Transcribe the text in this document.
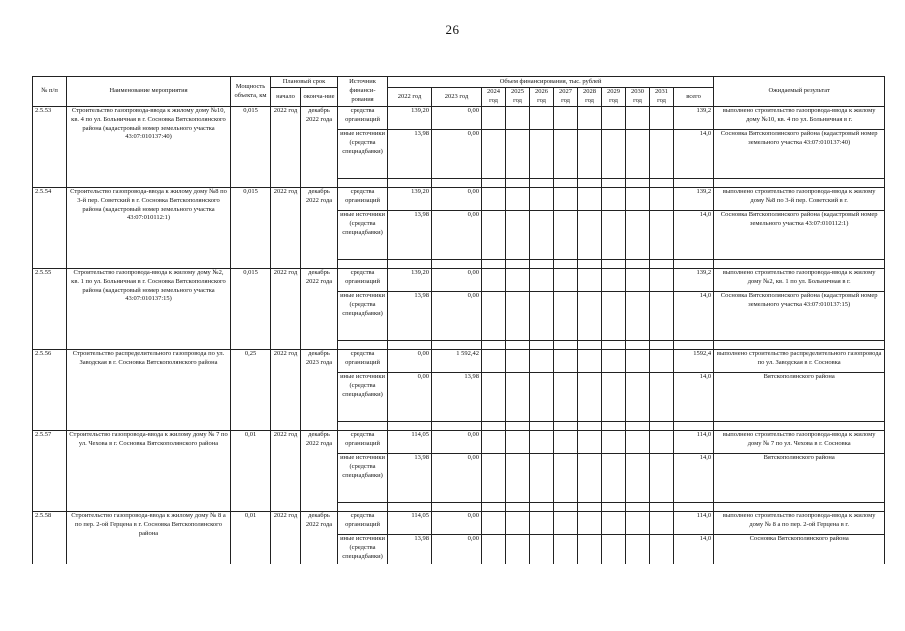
26
№ п/п	Наименование мероприятия	Мощность объекта, км	Плановый срок		Источник финанси-рования	Объем финансирования, тыс. рублей											Ожидаемый результат
			начало	оконча-ние		2022 год	2023 год	2024 год	2025 год	2026 год	2027 год	2028 год	2029 год	2030 год	2031 год	всего	
2.5.53	Строительство газопровода-ввода к жилому дому №10, кв. 4 по ул. Больничная в г. Сосновка Вятскополянского района (кадастровый номер земельного участка 43:07:010137:40)	0,015	2022 год	декабрь 2022 года	средства организаций	139,20	0,00									139,2	выполнено строительство газопровода-ввода к жилому дому №10, кв. 4 по ул. Больничная в г.
					иные источники (средства спецнадбавки)	13,98	0,00									14,0	Сосновка Вятскополянского района (кадастровый номер земельного участка 43:07:010137:40)

2.5.54	Строительство газопровода-ввода к жилому дому №8 по 3-й пер. Советский в г. Сосновка Вятскополянского района (кадастровый номер земельного участка 43:07:010112:1)	0,015	2022 год	декабрь 2022 года	средства организаций	139,20	0,00									139,2	выполнено строительство газопровода-ввода к жилому дому №8 по 3-й пер. Советский в г.
					иные источники (средства спецнадбавки)	13,98	0,00									14,0	Сосновка Вятскополянского района (кадастровый номер земельного участка 43:07:010112:1)

2.5.55	Строительство газопровода-ввода к жилому дому №2, кв. 1 по ул. Больничная в г. Сосновка Вятскополянского района (кадастровый номер земельного участка 43:07:010137:15)	0,015	2022 год	декабрь 2022 года	средства организаций	139,20	0,00									139,2	выполнено строительство газопровода-ввода к жилому дому №2, кв. 1 по ул. Больничная в г.
					иные источники (средства спецнадбавки)	13,98	0,00									14,0	Сосновка Вятскополянского района (кадастровый номер земельного участка 43:07:010137:15)

2.5.56	Строительство распределительного газопровода по ул. Заводская в г. Сосновка Вятскополянского района	0,25	2022 год	декабрь 2023 года	средства организаций	0,00	1 592,42									1592,4	выполнено строительство распределительного газопровода по ул. Заводская в г. Сосновка
					иные источники (средства спецнадбавки)	0,00	13,98									14,0	Вятскополянского района

2.5.57	Строительство газопровода-ввода к жилому дому № 7 по ул. Чехова в г. Сосновка Вятскополянского района	0,01	2022 год	декабрь 2022 года	средства организаций	114,05	0,00									114,0	выполнено строительство газопровода-ввода к жилому дому № 7 по ул. Чехова в г. Сосновка
					иные источники (средства спецнадбавки)	13,98	0,00									14,0	Вятскополянского района

2.5.58	Строительство газопровода-ввода к жилому дому № 8 а по пер. 2-ой Герцена в г. Сосновка Вятскополянского района	0,01	2022 год	декабрь 2022 года	средства организаций	114,05	0,00									114,0	выполнено строительство газопровода-ввода к жилому дому № 8 а по пер. 2-ой Герцена в г.
					иные источники (средства спецнадбавки)	13,98	0,00									14,0	Сосновка Вятскополянского района
